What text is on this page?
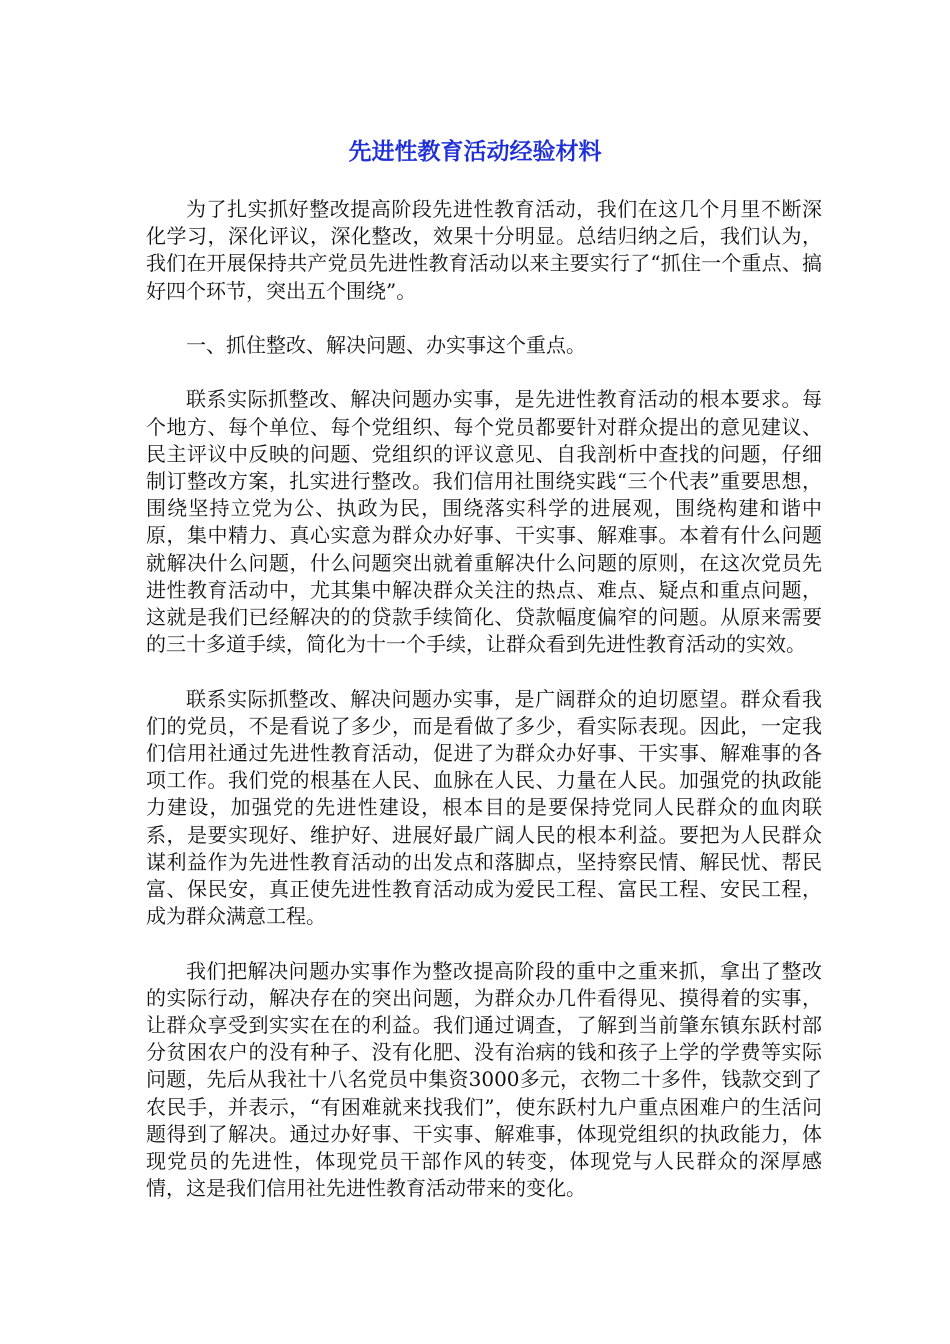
先进性教育活动经验材料

为了扎实抓好整改提高阶段先进性教育活动，我们在这几个月里不断深化学习，深化评议，深化整改，效果十分明显。总结归纳之后，我们认为，我们在开展保持共产党员先进性教育活动以来主要实行了“抓住一个重点、搞好四个环节，突出五个围绕”。

一、抓住整改、解决问题、办实事这个重点。

联系实际抓整改、解决问题办实事，是先进性教育活动的根本要求。每个地方、每个单位、每个党组织、每个党员都要针对群众提出的意见建议、民主评议中反映的问题、党组织的评议意见、自我剖析中查找的问题，仔细制订整改方案，扎实进行整改。我们信用社围绕实践“三个代表”重要思想，围绕坚持立党为公、执政为民，围绕落实科学的进展观，围绕构建和谐中原，集中精力、真心实意为群众办好事、干实事、解难事。本着有什么问题就解决什么问题，什么问题突出就着重解决什么问题的原则，在这次党员先进性教育活动中，尤其集中解决群众关注的热点、难点、疑点和重点问题，这就是我们已经解决的的贷款手续简化、贷款幅度偏窄的问题。从原来需要的三十多道手续，简化为十一个手续，让群众看到先进性教育活动的实效。

联系实际抓整改、解决问题办实事，是广阔群众的迫切愿望。群众看我们的党员，不是看说了多少，而是看做了多少，看实际表现。因此，一定我们信用社通过先进性教育活动，促进了为群众办好事、干实事、解难事的各项工作。我们党的根基在人民、血脉在人民、力量在人民。加强党的执政能力建设，加强党的先进性建设，根本目的是要保持党同人民群众的血肉联系，是要实现好、维护好、进展好最广阔人民的根本利益。要把为人民群众谋利益作为先进性教育活动的出发点和落脚点，坚持察民情、解民忧、帮民富、保民安，真正使先进性教育活动成为爱民工程、富民工程、安民工程，成为群众满意工程。

我们把解决问题办实事作为整改提高阶段的重中之重来抓，拿出了整改的实际行动，解决存在的突出问题，为群众办几件看得见、摸得着的实事，让群众享受到实实在在的利益。我们通过调查，了解到当前肇东镇东跃村部分贫困农户的没有种子、没有化肥、没有治病的钱和孩子上学的学费等实际问题，先后从我社十八名党员中集资3000多元，衣物二十多件，钱款交到了农民手，并表示，“有困难就来找我们”，使东跃村九户重点困难户的生活问题得到了解决。通过办好事、干实事、解难事，体现党组织的执政能力，体现党员的先进性，体现党员干部作风的转变，体现党与人民群众的深厚感情，这是我们信用社先进性教育活动带来的变化。
